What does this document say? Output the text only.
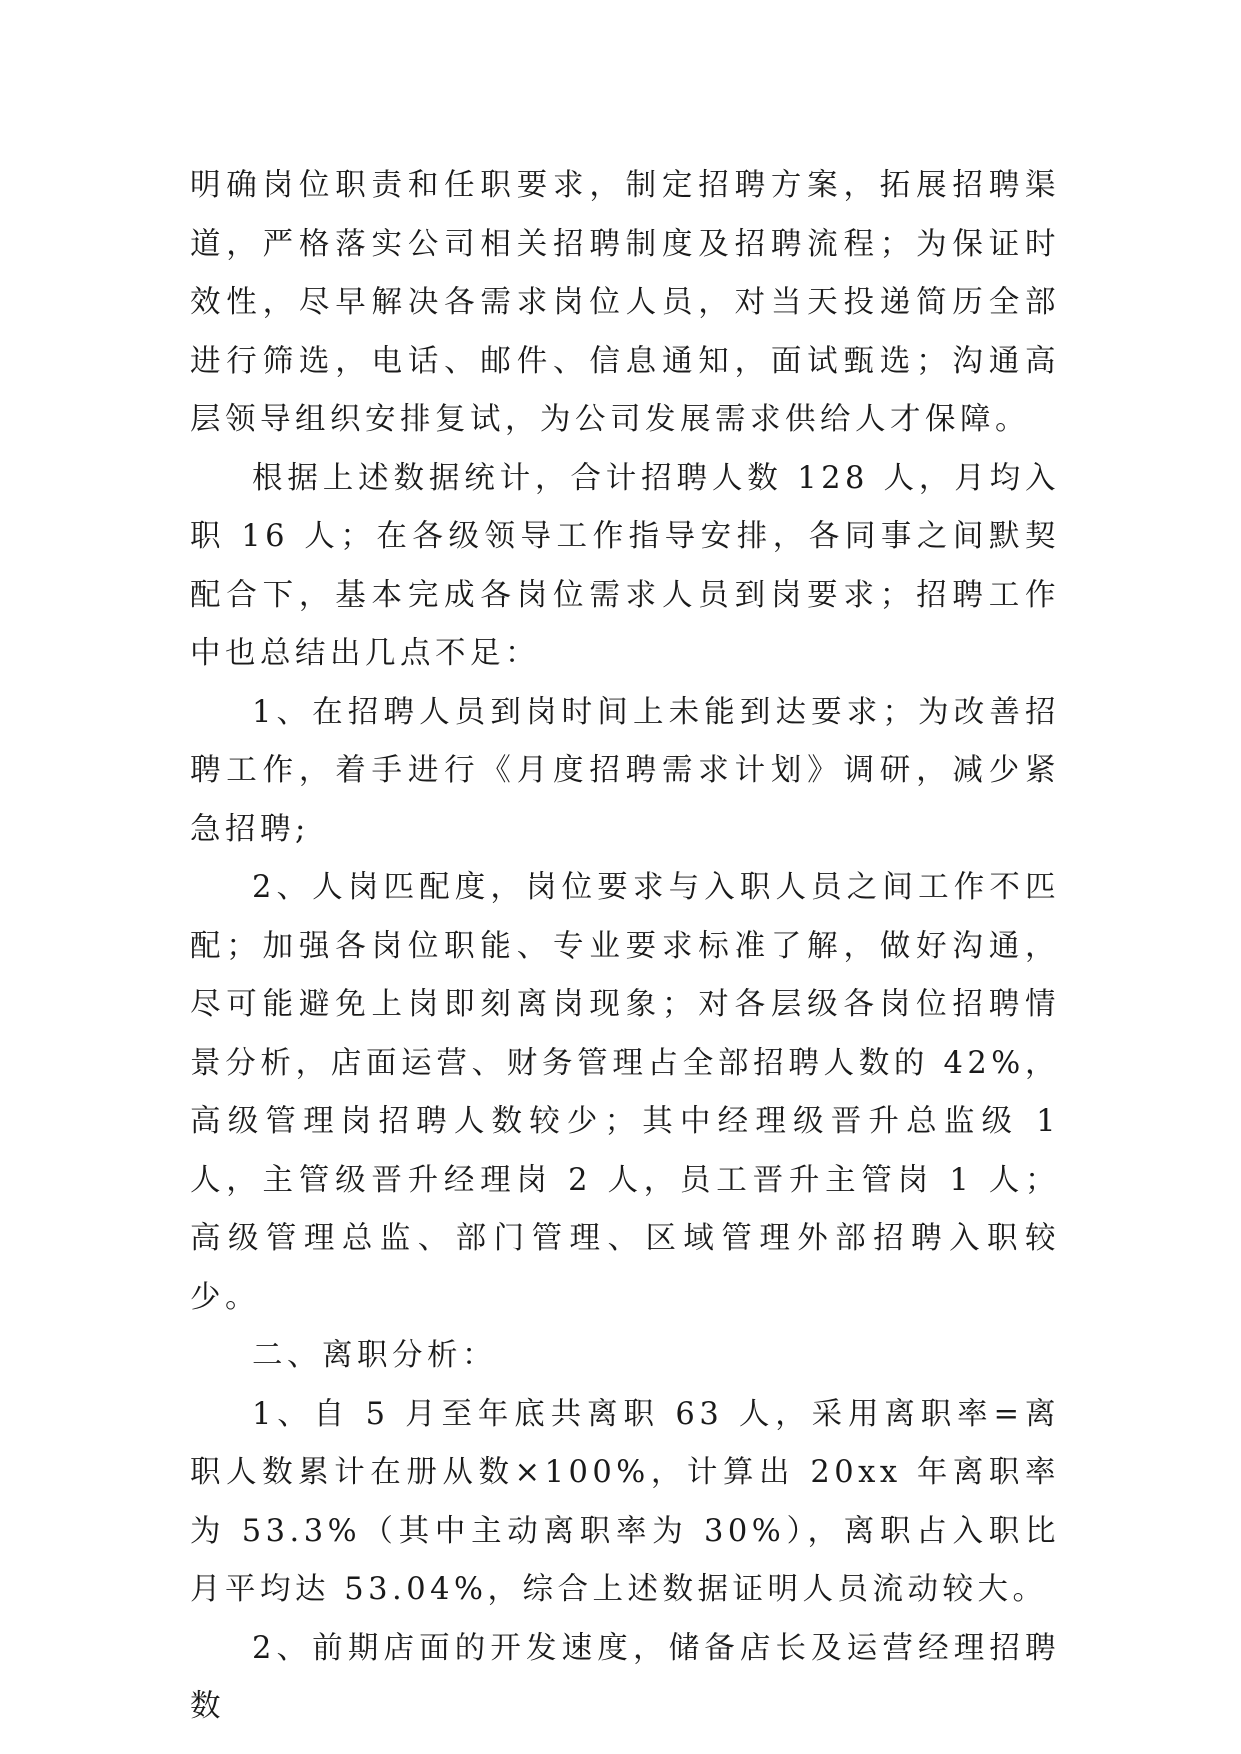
明确岗位职责和任职要求，制定招聘方案，拓展招聘渠道，严格落实公司相关招聘制度及招聘流程；为保证时效性，尽早解决各需求岗位人员，对当天投递简历全部进行筛选，电话、邮件、信息通知，面试甄选；沟通高层领导组织安排复试，为公司发展需求供给人才保障。

根据上述数据统计，合计招聘人数 128 人，月均入职 16 人；在各级领导工作指导安排，各同事之间默契配合下，基本完成各岗位需求人员到岗要求；招聘工作中也总结出几点不足：

1、在招聘人员到岗时间上未能到达要求；为改善招聘工作，着手进行《月度招聘需求计划》调研，减少紧急招聘;

2、人岗匹配度，岗位要求与入职人员之间工作不匹配；加强各岗位职能、专业要求标准了解，做好沟通，尽可能避免上岗即刻离岗现象；对各层级各岗位招聘情景分析，店面运营、财务管理占全部招聘人数的 42%，高级管理岗招聘人数较少；其中经理级晋升总监级 1 人，主管级晋升经理岗 2 人，员工晋升主管岗 1 人；高级管理总监、部门管理、区域管理外部招聘入职较少。

二、离职分析：

1、自 5 月至年底共离职 63 人，采用离职率=离职人数累计在册从数×100%，计算出 20xx 年离职率为 53.3%（其中主动离职率为 30%），离职占入职比月平均达 53.04%，综合上述数据证明人员流动较大。

2、前期店面的开发速度，储备店长及运营经理招聘数
